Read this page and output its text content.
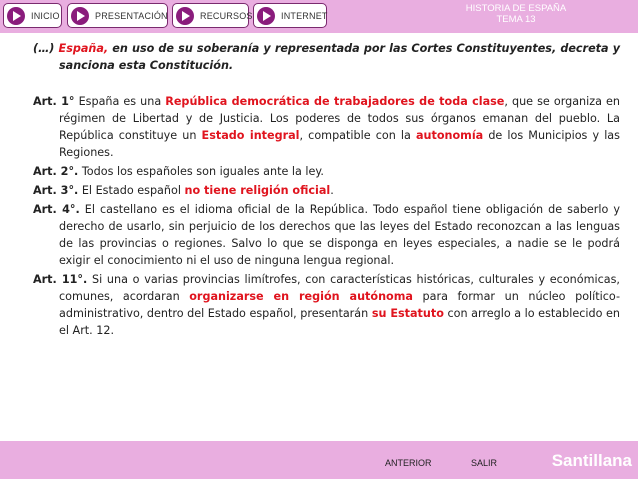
INICIO	PRESENTACIÓN	RECURSOS	INTERNET
HISTORIA DE ESPAÑA
TEMA 13

(…) España, en uso de su soberanía y representada por las Cortes Constituyentes, decreta y sanciona esta Constitución.

Art. 1° España es una República democrática de trabajadores de toda clase, que se organiza en régimen de Libertad y de Justicia. Los poderes de todos sus órganos emanan del pueblo. La República constituye un Estado integral, compatible con la autonomía de los Municipios y las Regiones.

Art. 2°. Todos los españoles son iguales ante la ley.

Art. 3°. El Estado español no tiene religión oficial.

Art. 4°. El castellano es el idioma oficial de la República. Todo español tiene obligación de saberlo y derecho de usarlo, sin perjuicio de los derechos que las leyes del Estado reconozcan a las lenguas de las provincias o regiones. Salvo lo que se disponga en leyes especiales, a nadie se le podrá exigir el conocimiento ni el uso de ninguna lengua regional.

Art. 11°. Si una o varias provincias limítrofes, con características históricas, culturales y económicas, comunes, acordaran organizarse en región autónoma para formar un núcleo político-administrativo, dentro del Estado español, presentarán su Estatuto con arreglo a lo establecido en el Art. 12.

ANTERIOR	SALIR	Santillana
